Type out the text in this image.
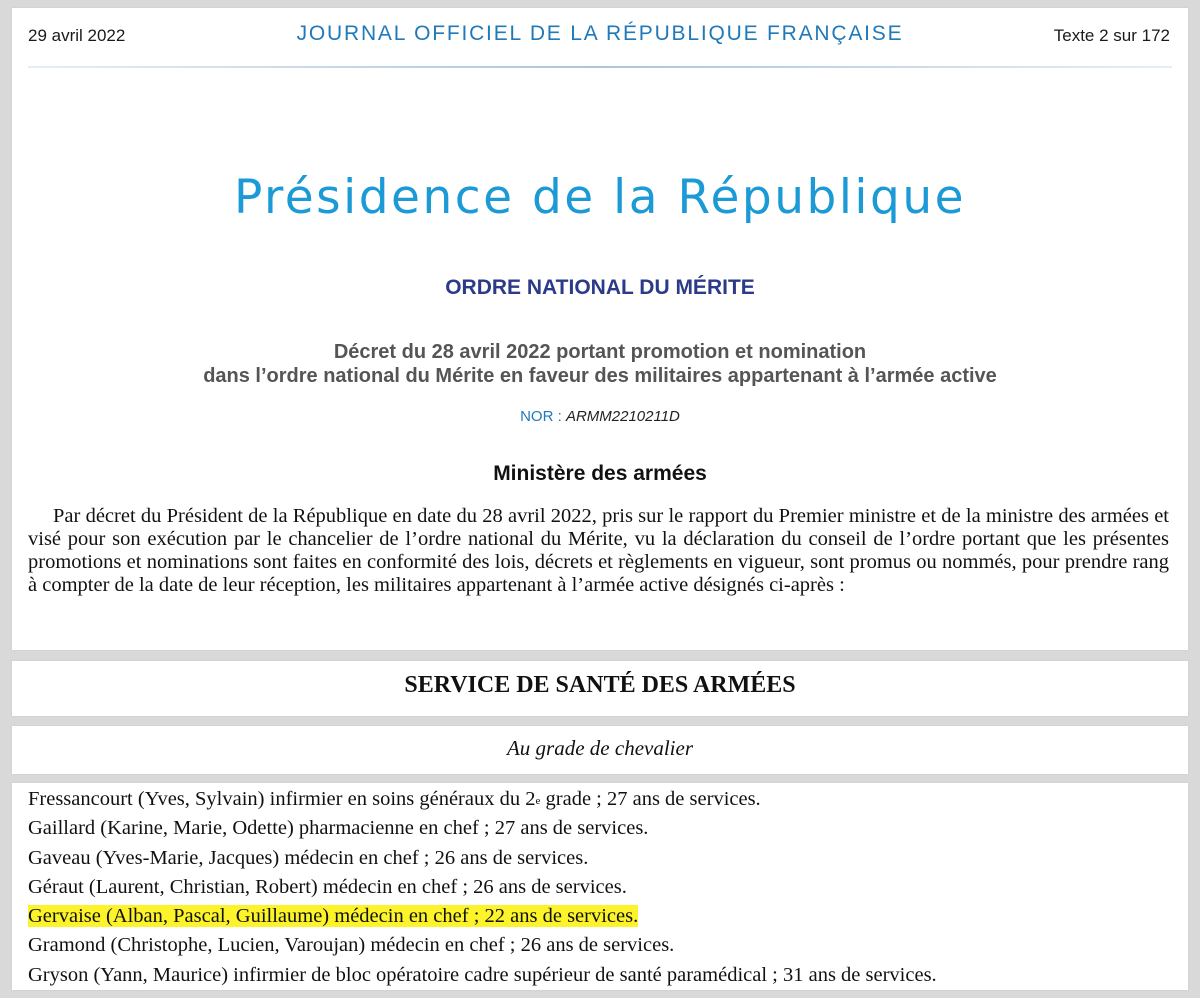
29 avril 2022	JOURNAL OFFICIEL DE LA RÉPUBLIQUE FRANÇAISE	Texte 2 sur 172
Présidence de la République
ORDRE NATIONAL DU MÉRITE
Décret du 28 avril 2022 portant promotion et nomination
dans l’ordre national du Mérite en faveur des militaires appartenant à l’armée active
NOR : ARMM2210211D
Ministère des armées
Par décret du Président de la République en date du 28 avril 2022, pris sur le rapport du Premier ministre et de la ministre des armées et visé pour son exécution par le chancelier de l’ordre national du Mérite, vu la déclaration du conseil de l’ordre portant que les présentes promotions et nominations sont faites en conformité des lois, décrets et règlements en vigueur, sont promus ou nommés, pour prendre rang à compter de la date de leur réception, les militaires appartenant à l’armée active désignés ci-après :
SERVICE DE SANTÉ DES ARMÉES
Au grade de chevalier
Fressancourt (Yves, Sylvain) infirmier en soins généraux du 2e grade ; 27 ans de services.
Gaillard (Karine, Marie, Odette) pharmacienne en chef ; 27 ans de services.
Gaveau (Yves-Marie, Jacques) médecin en chef ; 26 ans de services.
Géraut (Laurent, Christian, Robert) médecin en chef ; 26 ans de services.
Gervaise (Alban, Pascal, Guillaume) médecin en chef ; 22 ans de services.
Gramond (Christophe, Lucien, Varoujan) médecin en chef ; 26 ans de services.
Gryson (Yann, Maurice) infirmier de bloc opératoire cadre supérieur de santé paramédical ; 31 ans de services.
